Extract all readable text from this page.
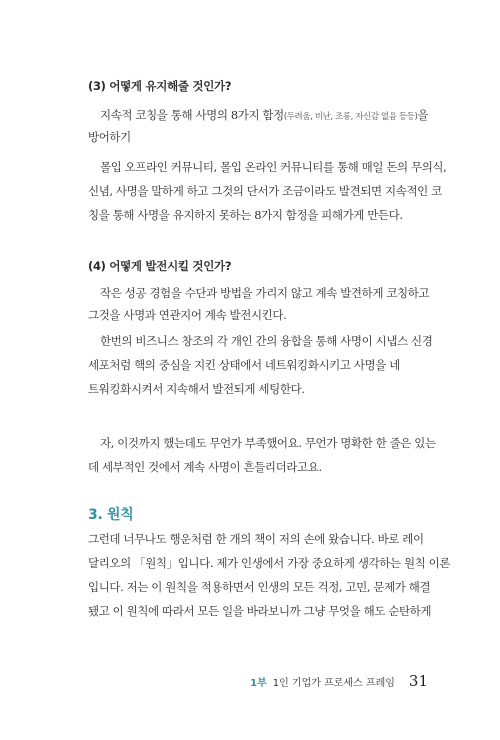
(3) 어떻게 유지해줄 것인가?
지속적 코칭을 통해 사명의 8가지 함정(두려움, 비난, 조롱, 자신감 없음 등등)을
방어하기
몰입 오프라인 커뮤니티, 몰입 온라인 커뮤니티를 통해 매일 돈의 무의식,
신념, 사명을 말하게 하고 그것의 단서가 조금이라도 발견되면 지속적인 코
칭을 통해 사명을 유지하지 못하는 8가지 함정을 피해가게 만든다.
(4) 어떻게 발전시킬 것인가?
작은 성공 경험을 수단과 방법을 가리지 않고 계속 발견하게 코칭하고
그것을 사명과 연관지어 계속 발전시킨다.
한번의 비즈니스 창조의 각 개인 간의 융합을 통해 사명이 시냅스 신경
세포처럼 핵의 중심을 지킨 상태에서 네트워킹화시키고 사명을 네
트워킹화시켜서 지속해서 발전되게 세팅한다.
자, 이것까지 했는데도 무언가 부족했어요. 무언가 명확한 한 줄은 있는
데 세부적인 것에서 계속 사명이 흔들리더라고요.
3. 원칙
그런데 너무나도 행운처럼 한 개의 책이 저의 손에 왔습니다. 바로 레이
달리오의 「원칙」입니다. 제가 인생에서 가장 중요하게 생각하는 원칙 이론
입니다. 저는 이 원칙을 적용하면서 인생의 모든 걱정, 고민, 문제가 해결
됐고 이 원칙에 따라서 모든 일을 바라보니까 그냥 무엇을 해도 순탄하게
1부 1인 기업가 프로세스 프레임 31
